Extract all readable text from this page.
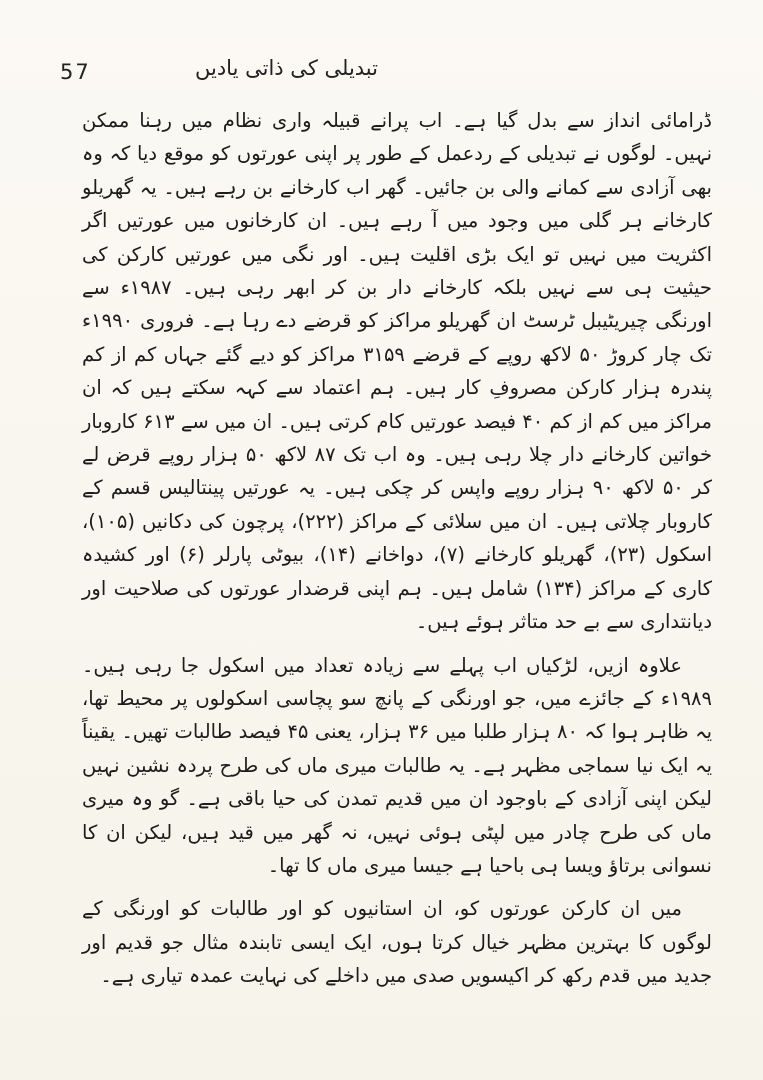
57	تبدیلی کی ذاتی یادیں

ڈرامائی انداز سے بدل گیا ہے۔ اب پرانے قبیلہ واری نظام میں رہنا ممکن نہیں۔ لوگوں نے تبدیلی کے ردعمل کے طور پر اپنی عورتوں کو موقع دیا کہ وہ بھی آزادی سے کمانے والی بن جائیں۔ گھر اب کارخانے بن رہے ہیں۔ یہ گھریلو کارخانے ہر گلی میں وجود میں آ رہے ہیں۔ ان کارخانوں میں عورتیں اگر اکثریت میں نہیں تو ایک بڑی اقلیت ہیں۔ اور نگی میں عورتیں کارکن کی حیثیت ہی سے نہیں بلکہ کارخانے دار بن کر ابھر رہی ہیں۔ ۱۹۸۷ء سے اورنگی چیریٹیبل ٹرسٹ ان گھریلو مراکز کو قرضے دے رہا ہے۔ فروری ۱۹۹۰ء تک چار کروڑ ۵۰ لاکھ روپے کے قرضے ۳۱۵۹ مراکز کو دیے گئے جہاں کم از کم پندرہ ہزار کارکن مصروفِ کار ہیں۔ ہم اعتماد سے کہہ سکتے ہیں کہ ان مراکز میں کم از کم ۴۰ فیصد عورتیں کام کرتی ہیں۔ ان میں سے ۶۱۳ کاروبار خواتین کارخانے دار چلا رہی ہیں۔ وہ اب تک ۸۷ لاکھ ۵۰ ہزار روپے قرض لے کر ۵۰ لاکھ ۹۰ ہزار روپے واپس کر چکی ہیں۔ یہ عورتیں پینتالیس قسم کے کاروبار چلاتی ہیں۔ ان میں سلائی کے مراکز (۲۲۲)، پرچون کی دکانیں (۱۰۵)، اسکول (۲۳)، گھریلو کارخانے (۷)، دواخانے (۱۴)، بیوٹی پارلر (۶) اور کشیدہ کاری کے مراکز (۱۳۴) شامل ہیں۔ ہم اپنی قرضدار عورتوں کی صلاحیت اور دیانتداری سے بے حد متاثر ہوئے ہیں۔

علاوہ ازیں، لڑکیاں اب پہلے سے زیادہ تعداد میں اسکول جا رہی ہیں۔ ۱۹۸۹ء کے جائزے میں، جو اورنگی کے پانچ سو پچاسی اسکولوں پر محیط تھا، یہ ظاہر ہوا کہ ۸۰ ہزار طلبا میں ۳۶ ہزار، یعنی ۴۵ فیصد طالبات تھیں۔ یقیناً یہ ایک نیا سماجی مظہر ہے۔ یہ طالبات میری ماں کی طرح پردہ نشین نہیں لیکن اپنی آزادی کے باوجود ان میں قدیم تمدن کی حیا باقی ہے۔ گو وہ میری ماں کی طرح چادر میں لپٹی ہوئی نہیں، نہ گھر میں قید ہیں، لیکن ان کا نسوانی برتاؤ ویسا ہی باحیا ہے جیسا میری ماں کا تھا۔

میں ان کارکن عورتوں کو، ان استانیوں کو اور طالبات کو اورنگی کے لوگوں کا بہترین مظہر خیال کرتا ہوں، ایک ایسی تابندہ مثال جو قدیم اور جدید میں قدم رکھ کر اکیسویں صدی میں داخلے کی نہایت عمدہ تیاری ہے۔
